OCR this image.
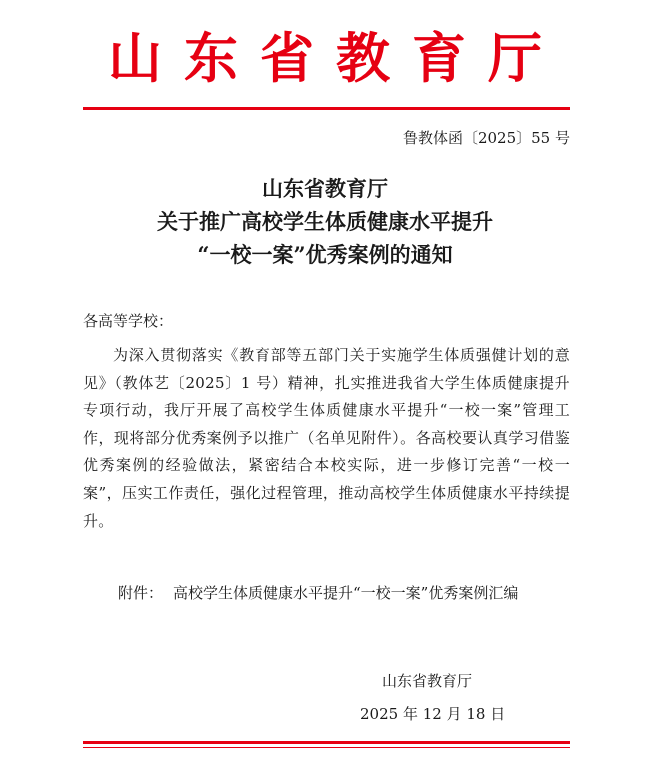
山东省教育厅
鲁教体函〔2025〕55 号
山东省教育厅
关于推广高校学生体质健康水平提升
“一校一案”优秀案例的通知
各高等学校：
为深入贯彻落实《教育部等五部门关于实施学生体质强健计划的意见》（教体艺〔2025〕1 号）精神，扎实推进我省大学生体质健康提升专项行动，我厅开展了高校学生体质健康水平提升“一校一案”管理工作，现将部分优秀案例予以推广（名单见附件）。各高校要认真学习借鉴优秀案例的经验做法，紧密结合本校实际，进一步修订完善“一校一案”，压实工作责任，强化过程管理，推动高校学生体质健康水平持续提升。
附件： 高校学生体质健康水平提升“一校一案”优秀案例汇编
山东省教育厅
2025 年 12 月 18 日
